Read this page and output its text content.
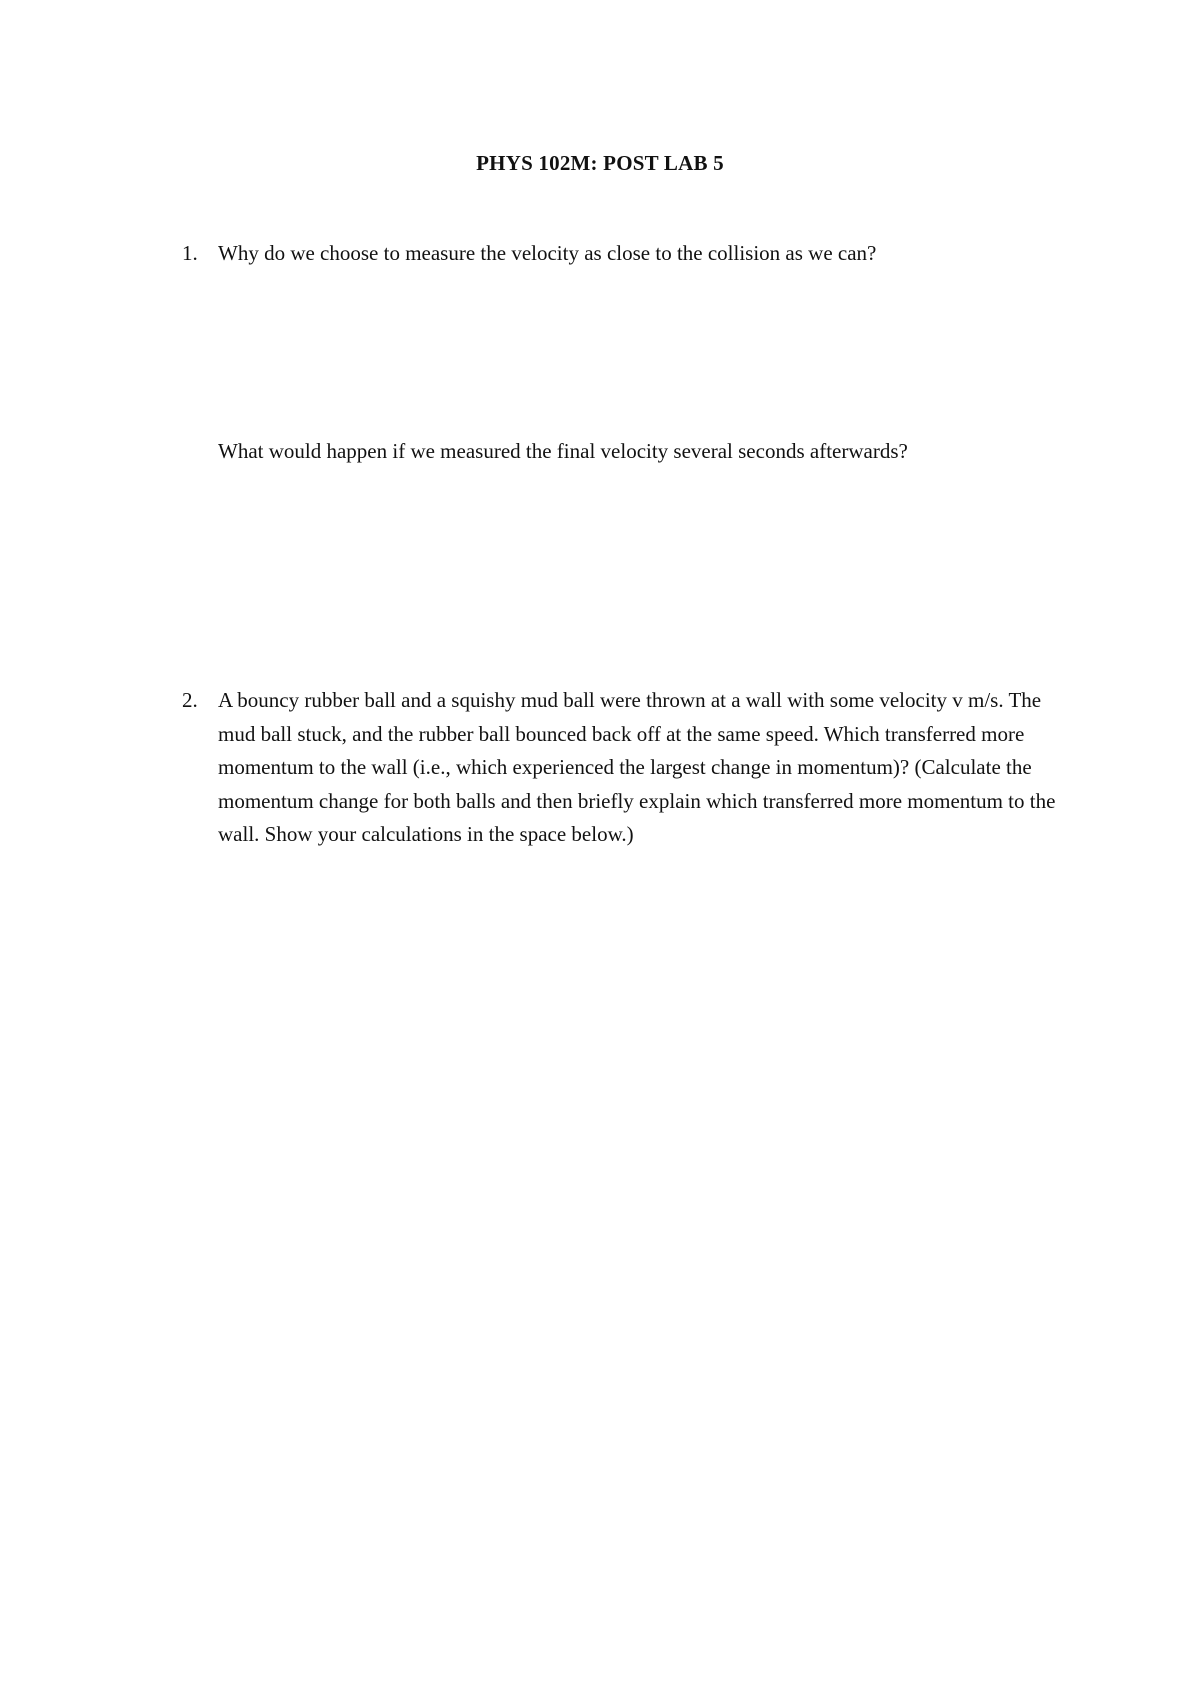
PHYS 102M: POST LAB 5
1. Why do we choose to measure the velocity as close to the collision as we can?
What would happen if we measured the final velocity several seconds afterwards?
2. A bouncy rubber ball and a squishy mud ball were thrown at a wall with some velocity v m/s. The mud ball stuck, and the rubber ball bounced back off at the same speed. Which transferred more momentum to the wall (i.e., which experienced the largest change in momentum)? (Calculate the momentum change for both balls and then briefly explain which transferred more momentum to the wall. Show your calculations in the space below.)
